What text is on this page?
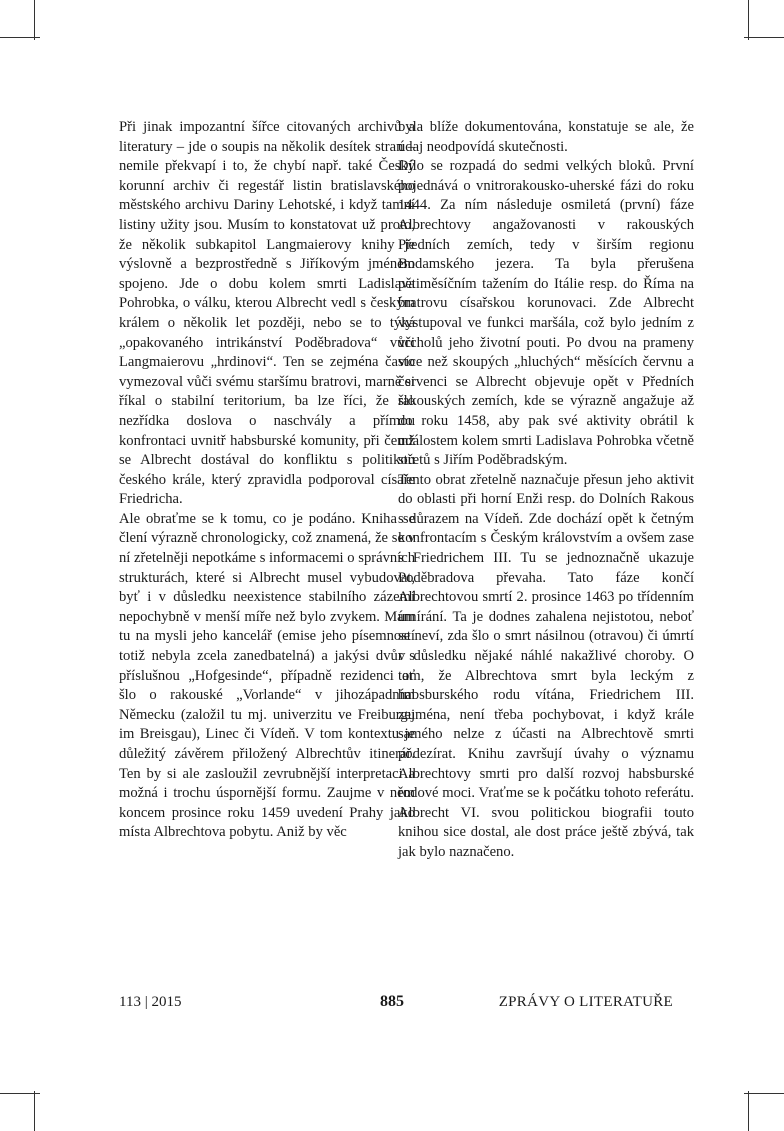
Při jinak impozantní šířce citovaných archivů a literatury – jde o soupis na několik desítek stran – nemile překvapí i to, že chybí např. také Český korunní archiv či regestář listin bratislavského městského archivu Dariny Lehotské, i když tamní listiny užity jsou. Musím to konstatovat už proto, že několik subkapitol Langmaierovy knihy je výslovně a bezprostředně s Jiříkovým jménem spojeno. Jde o dobu kolem smrti Ladislava Pohrobka, o válku, kterou Albrecht vedl s českým králem o několik let později, nebo se to týká „opakovaného intrikánství Poděbradova“ vůči Langmaierovu „hrdinovi“. Ten se zejména často vymezoval vůči svému staršímu bratrovi, marně si říkal o stabilní teritorium, ba lze říci, že šlo nezřídka doslova o naschvály a přímou konfrontaci uvnitř habsburské komunity, při čemž se Albrecht dostával do konfliktu s politikou českého krále, který zpravidla podporoval císaře Friedricha.

Ale obraťme se k tomu, co je podáno. Kniha se člení výrazně chronologicky, což znamená, že se v ní zřetelněji nepotkáme s informacemi o správních strukturách, které si Albrecht musel vybudovat, byť i v důsledku neexistence stabilního zázemí nepochybně v menší míře než bylo zvykem. Mám tu na mysli jeho kancelář (emise jeho písemností totiž nebyla zcela zanedbatelná) a jakýsi dvůr s příslušnou „Hofgesinde“, případně rezidenci ať šlo o rakouské „Vorlande“ v jihozápadním Německu (založil tu mj. univerzitu ve Freiburgu im Breisgau), Linec či Vídeň. V tom kontextu je důležitý závěrem přiložený Albrechtův itinerář. Ten by si ale zasloužil zevrubnější interpretaci a možná i trochu úspornější formu. Zaujme v něm koncem prosince roku 1459 uvedení Prahy jako místa Albrechtova pobytu. Aniž by věc

byla blíže dokumentována, konstatuje se ale, že údaj neodpovídá skutečnosti.

Dílo se rozpadá do sedmi velkých bloků. První pojednává o vnitrorakousko-uherské fázi do roku 1444. Za ním následuje osmiletá (první) fáze Albrechtovy angažovanosti v rakouských Předních zemích, tedy v širším regionu Bodamského jezera. Ta byla přerušena pětiměsíčním tažením do Itálie resp. do Říma na bratrovu císařskou korunovaci. Zde Albrecht vystupoval ve funkci maršála, což bylo jedním z vrcholů jeho životní pouti. Po dvou na prameny více než skoupých „hluchých“ měsících červnu a červenci se Albrecht objevuje opět v Předních rakouských zemích, kde se výrazně angažuje až do roku 1458, aby pak své aktivity obrátil k událostem kolem smrti Ladislava Pohrobka včetně střetů s Jiřím Poděbradským.

Tento obrat zřetelně naznačuje přesun jeho aktivit do oblasti při horní Enži resp. do Dolních Rakous s důrazem na Vídeň. Zde dochází opět k četným konfrontacím s Českým královstvím a ovšem zase s Friedrichem III. Tu se jednoznačně ukazuje Poděbradova převaha. Tato fáze končí Albrechtovou smrtí 2. prosince 1463 po třídenním umírání. Ta je dodnes zahalena nejistotou, neboť se neví, zda šlo o smrt násilnou (otravou) či úmrtí v důsledku nějaké náhlé nakažlivé choroby. O tom, že Albrechtova smrt byla leckým z habsburského rodu vítána, Friedrichem III. zejména, není třeba pochybovat, i když krále samého nelze z účasti na Albrechtově smrti podezírat. Knihu završují úvahy o významu Albrechtovy smrti pro další rozvoj habsburské rodové moci. Vraťme se k počátku tohoto referátu. Albrecht VI. svou politickou biografii touto knihou sice dostal, ale dost práce ještě zbývá, tak jak bylo naznačeno.

113 | 2015	885	ZPRÁVY O LITERATUŘE
